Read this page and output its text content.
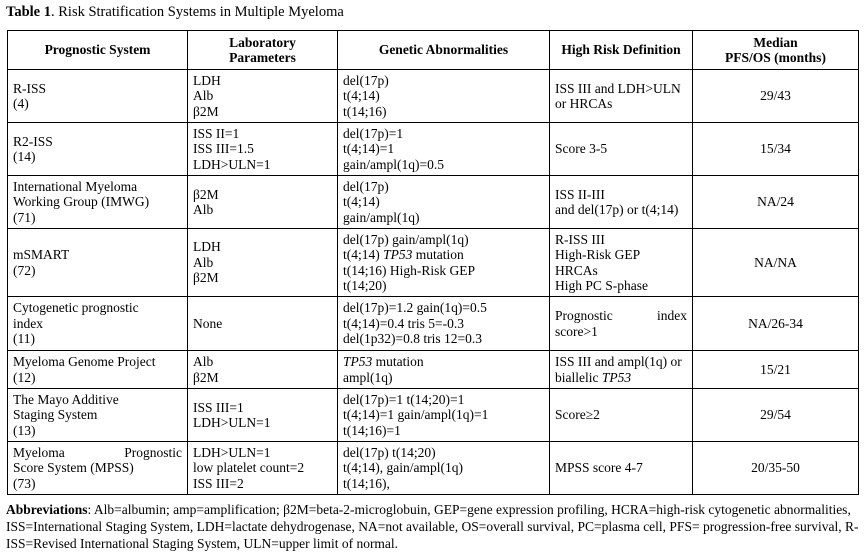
Table 1. Risk Stratification Systems in Multiple Myeloma
Prognostic System	Laboratory
Parameters	Genetic Abnormalities	High Risk Definition	Median
PFS/OS (months)

R-ISS
(4)	LDH
Alb
β2M	del(17p)
t(4;14)
t(14;16)	ISS III and LDH>ULN
or HRCAs	29/43

R2-ISS
(14)	ISS II=1
ISS III=1.5
LDH>ULN=1	del(17p)=1
t(4;14)=1
gain/ampl(1q)=0.5	Score 3-5	15/34

International Myeloma
Working Group (IMWG)
(71)	β2M
Alb	del(17p)
t(4;14)
gain/ampl(1q)	ISS II-III
and del(17p) or t(4;14)	NA/24

mSMART
(72)	LDH
Alb
β2M	del(17p) gain/ampl(1q)
t(4;14) TP53 mutation
t(14;16) High-Risk GEP
t(14;20)	R-ISS III
High-Risk GEP
HRCAs
High PC S-phase	NA/NA

Cytogenetic prognostic
index
(11)	None	del(17p)=1.2 gain(1q)=0.5
t(4;14)=0.4 tris 5=-0.3
del(1p32)=0.8 tris 12=0.3	Prognostic index
score>1	NA/26-34

Myeloma Genome Project
(12)	Alb
β2M	TP53 mutation
ampl(1q)	ISS III and ampl(1q) or
biallelic TP53	15/21

The Mayo Additive
Staging System
(13)	ISS III=1
LDH>ULN=1	del(17p)=1 t(14;20)=1
t(4;14)=1 gain/ampl(1q)=1
t(14;16)=1	Score≥2	29/54
Myeloma Prognostic
Score System (MPSS)
(73)	LDH>ULN=1
low platelet count=2
ISS III=2	del(17p) t(14;20)
t(4;14), gain/ampl(1q)
t(14;16),	MPSS score 4-7	20/35-50
Abbreviations: Alb=albumin; amp=amplification; β2M=beta-2-microglobuin, GEP=gene expression profiling, HCRA=high-risk cytogenetic abnormalities, ISS=International Staging System, LDH=lactate dehydrogenase, NA=not available, OS=overall survival, PC=plasma cell, PFS= progression-free survival, R-ISS=Revised International Staging System, ULN=upper limit of normal.
